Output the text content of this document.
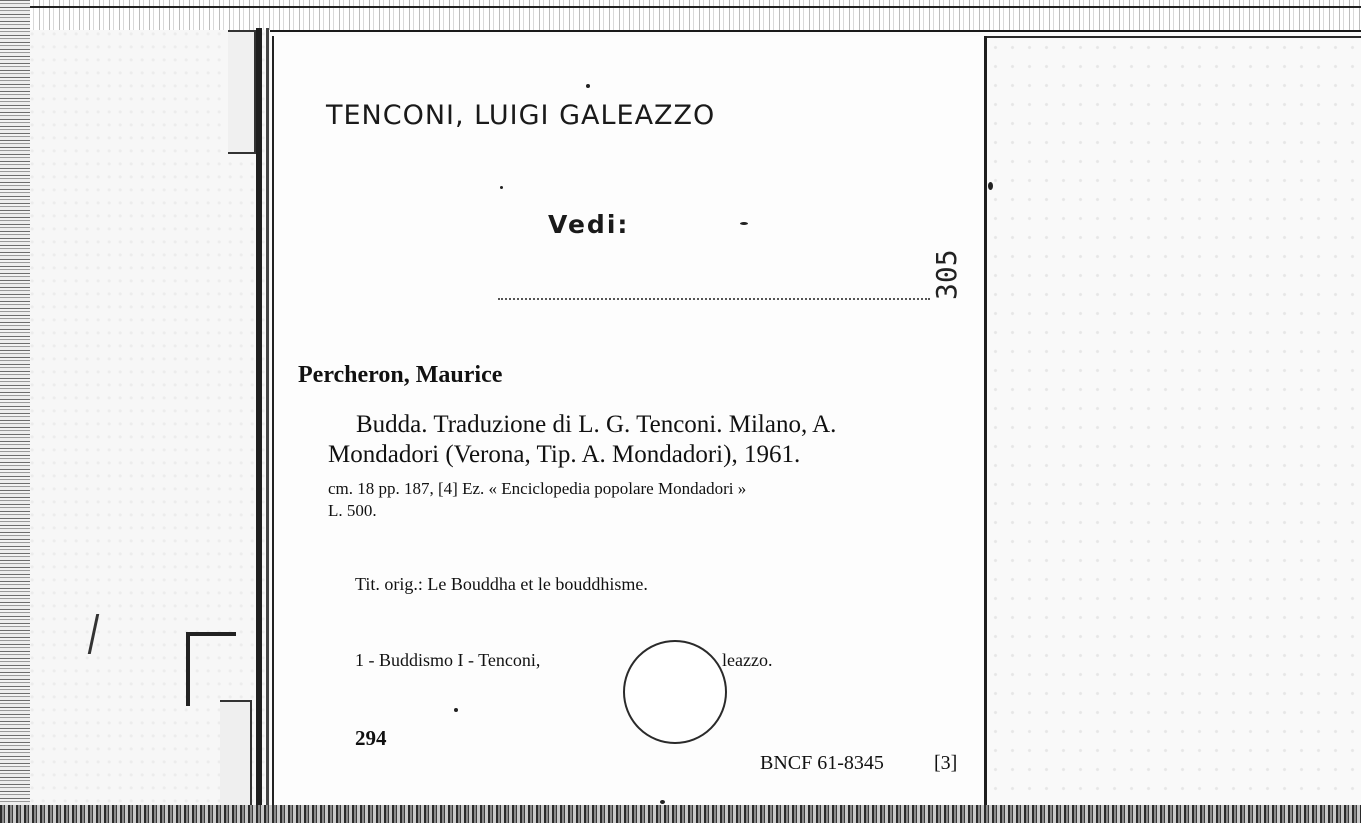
TENCONI, LUIGI GALEAZZO
Vedi:
305
Percheron, Maurice

Budda. Traduzione di L. G. Tenconi. Milano, A.
Mondadori (Verona, Tip. A. Mondadori), 1961.

cm. 18 pp. 187, [4] Ez. « Enciclopedia popolare Mondadori »
L. 500.
Tit. orig.: Le Bouddha et le bouddhisme.
1 - Buddismo I - Tenconi,	leazzo.
294
BNCF 61-8345	[3]
